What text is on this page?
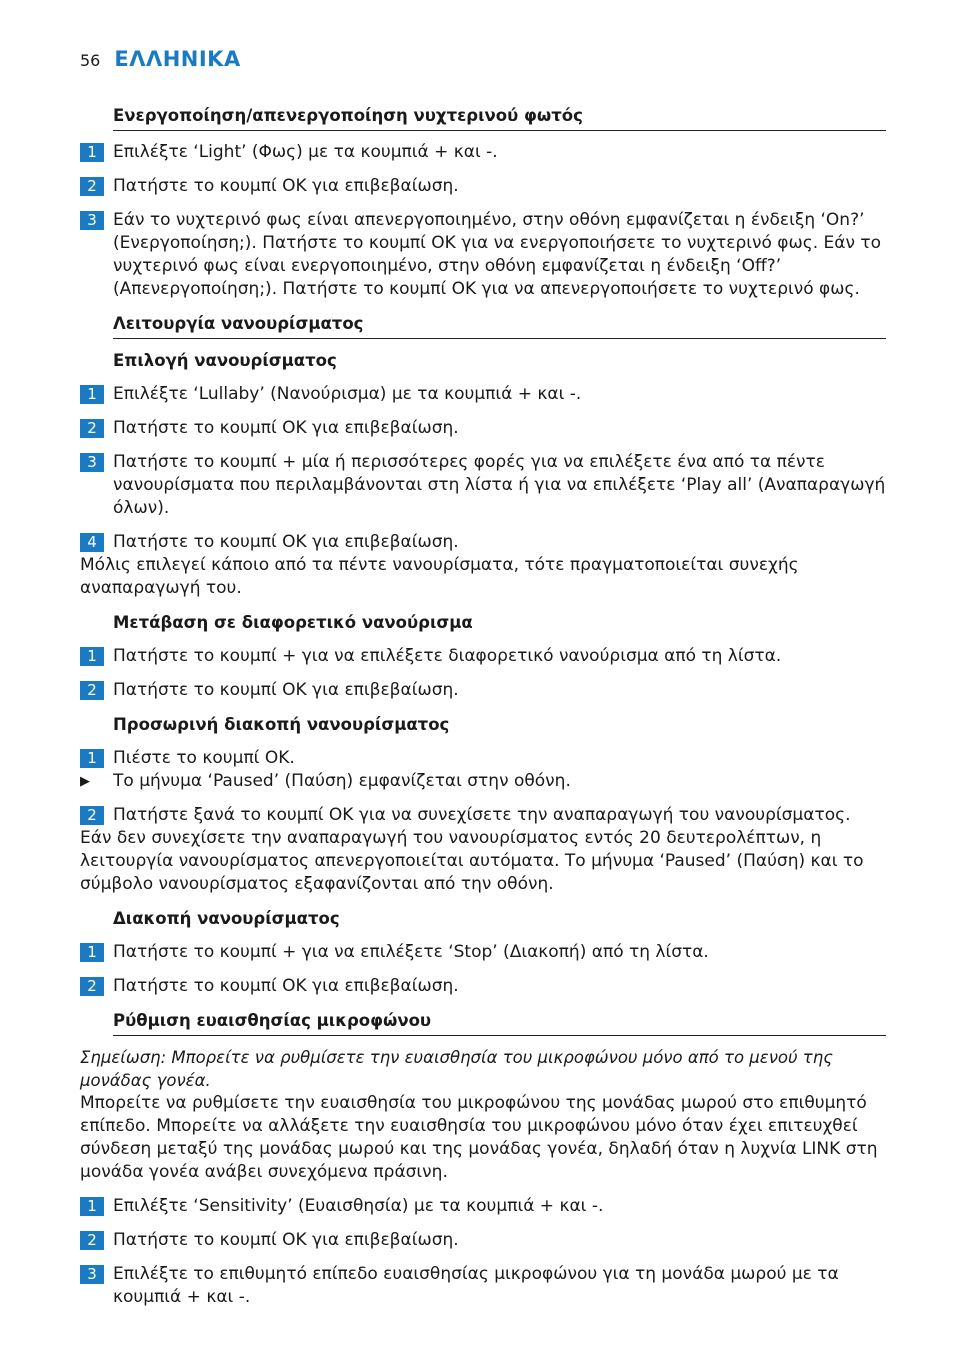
56 ΕΛΛΗΝΙΚΑ
Ενεργοποίηση/απενεργοποίηση νυχτερινού φωτός
1 Επιλέξτε ‘Light’ (Φως) με τα κουμπιά + και -.
2 Πατήστε το κουμπί OK για επιβεβαίωση.
3 Εάν το νυχτερινό φως είναι απενεργοποιημένο, στην οθόνη εμφανίζεται η ένδειξη ‘On?’ (Ενεργοποίηση;). Πατήστε το κουμπί OK για να ενεργοποιήσετε το νυχτερινό φως. Εάν το νυχτερινό φως είναι ενεργοποιημένο, στην οθόνη εμφανίζεται η ένδειξη ‘Off?’ (Απενεργοποίηση;). Πατήστε το κουμπί OK για να απενεργοποιήσετε το νυχτερινό φως.
Λειτουργία νανουρίσματος
Επιλογή νανουρίσματος
1 Επιλέξτε ‘Lullaby’ (Νανούρισμα) με τα κουμπιά + και -.
2 Πατήστε το κουμπί OK για επιβεβαίωση.
3 Πατήστε το κουμπί + μία ή περισσότερες φορές για να επιλέξετε ένα από τα πέντε νανουρίσματα που περιλαμβάνονται στη λίστα ή για να επιλέξετε ‘Play all’ (Αναπαραγωγή όλων).
4 Πατήστε το κουμπί OK για επιβεβαίωση.
Μόλις επιλεγεί κάποιο από τα πέντε νανουρίσματα, τότε πραγματοποιείται συνεχής αναπαραγωγή του.
Μετάβαση σε διαφορετικό νανούρισμα
1 Πατήστε το κουμπί + για να επιλέξετε διαφορετικό νανούρισμα από τη λίστα.
2 Πατήστε το κουμπί OK για επιβεβαίωση.
Προσωρινή διακοπή νανουρίσματος
1 Πιέστε το κουμπί OK.
▶	Το μήνυμα ‘Paused’ (Παύση) εμφανίζεται στην οθόνη.
2 Πατήστε ξανά το κουμπί OK για να συνεχίσετε την αναπαραγωγή του νανουρίσματος.
Εάν δεν συνεχίσετε την αναπαραγωγή του νανουρίσματος εντός 20 δευτερολέπτων, η λειτουργία νανουρίσματος απενεργοποιείται αυτόματα. Το μήνυμα ‘Paused’ (Παύση) και το σύμβολο νανουρίσματος εξαφανίζονται από την οθόνη.
Διακοπή νανουρίσματος
1 Πατήστε το κουμπί + για να επιλέξετε ‘Stop’ (Διακοπή) από τη λίστα.
2 Πατήστε το κουμπί OK για επιβεβαίωση.
Ρύθμιση ευαισθησίας μικροφώνου
Σημείωση: Μπορείτε να ρυθμίσετε την ευαισθησία του μικροφώνου μόνο από το μενού της μονάδας γονέα.
Μπορείτε να ρυθμίσετε την ευαισθησία του μικροφώνου της μονάδας μωρού στο επιθυμητό επίπεδο. Μπορείτε να αλλάξετε την ευαισθησία του μικροφώνου μόνο όταν έχει επιτευχθεί σύνδεση μεταξύ της μονάδας μωρού και της μονάδας γονέα, δηλαδή όταν η λυχνία LINK στη μονάδα γονέα ανάβει συνεχόμενα πράσινη.
1 Επιλέξτε ‘Sensitivity’ (Ευαισθησία) με τα κουμπιά + και -.
2 Πατήστε το κουμπί OK για επιβεβαίωση.
3 Επιλέξτε το επιθυμητό επίπεδο ευαισθησίας μικροφώνου για τη μονάδα μωρού με τα κουμπιά + και -.
